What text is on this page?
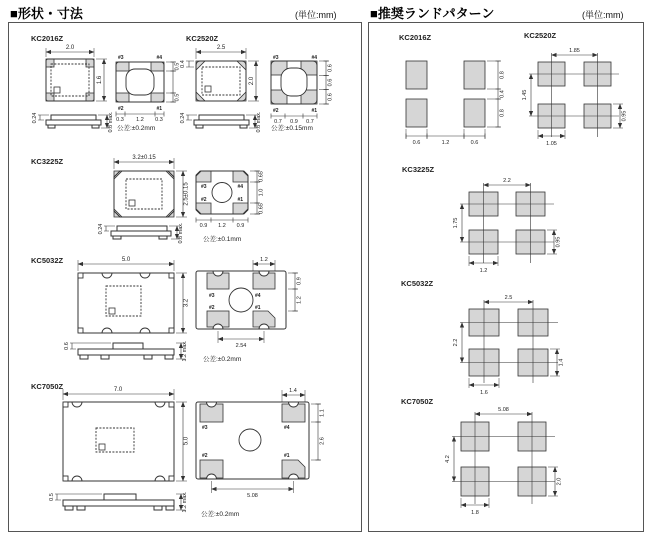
■形状・寸法	(単位:mm)	■推奨ランドパターン	(単位:mm)
KC2016Z
2.0
1.6
#3	#4
#2	#1
0.5
0.5
0.3 1.2 0.3
0.24	0.8 max. 公差:±0.2mm
KC2520Z
2.5
2.0
0.4
#3	#4
#2	#1
0.6
0.6
0.6
0.7 0.9 0.7
0.24	0.8 max. 公差:±0.15mm
KC3225Z	3.2±0.15
2.5±0.15 #3	#4
#2	#1
0.65
1.0
0.65
0.9 1.2 0.9
0.24	0.8 max.	公差:±0.1mm
KC5032Z	5.0
3.2
1.2
#3	#4
#2	#1
0.9
1.2
2.54
0.6	1.2 max. 公差:±0.2mm
KC7050Z	7.0
5.0
1.4
#3	#4
#2	#1
1.1
2.6
5.08
0.5	1.2 max.
公差:±0.2mm
KC2016Z
0.8
0.4
0.8
0.6	1.2	0.6
KC2520Z
1.85
1.45
1.05
0.95
KC3225Z
2.2
1.75
1.2
0.95
KC5032Z
2.5
2.2
1.6
1.4
KC7050Z
5.08
4.2
1.8
2.0
